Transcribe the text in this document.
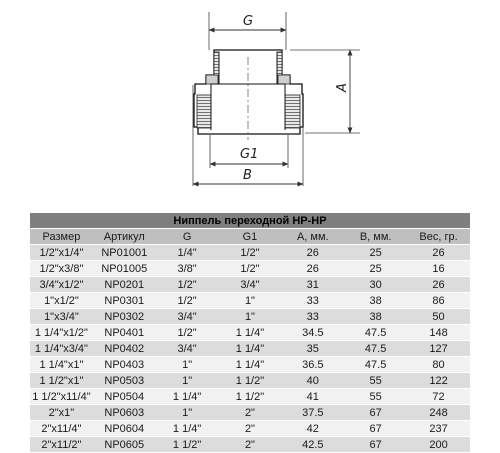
G
A
G1
B
Ниппель переходной НР-НР						
Размер	Артикул	G	G1	А, мм.	В, мм.	Вес, гр.
1/2"x1/4"	NP01001	1/4"	1/2"	26	25	26
1/2"x3/8"	NP01005	3/8"	1/2"	26	25	16
3/4"x1/2"	NP0201	1/2"	3/4"	31	30	26
1"x1/2"	NP0301	1/2"	1"	33	38	86
1"x3/4"	NP0302	3/4"	1"	33	38	50
1 1/4"x1/2"	NP0401	1/2"	1 1/4"	34.5	47.5	148
1 1/4"x3/4"	NP0402	3/4"	1 1/4"	35	47.5	127
1 1/4"x1"	NP0403	1"	1 1/4"	36.5	47.5	80
1 1/2"x1"	NP0503	1"	1 1/2"	40	55	122
1 1/2"x11/4"	NP0504	1 1/4"	1 1/2"	41	55	72
2"x1"	NP0603	1"	2"	37.5	67	248
2"x11/4"	NP0604	1 1/4"	2"	42	67	237
2"x11/2"	NP0605	1 1/2"	2"	42.5	67	200
